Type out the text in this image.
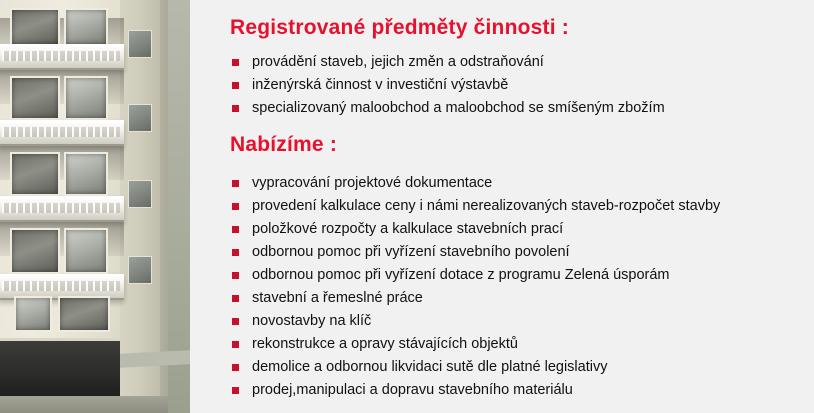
Registrované předměty činnosti :
provádění staveb, jejich změn a odstraňování
inženýrská činnost v investiční výstavbě
specializovaný maloobchod a maloobchod se smíšeným zbožím
Nabízíme :
vypracování projektové dokumentace
provedení kalkulace ceny i námi nerealizovaných staveb-rozpočet stavby
položkové rozpočty a kalkulace stavebních prací
odbornou pomoc při vyřízení stavebního povolení
odbornou pomoc při vyřízení dotace z programu Zelená úsporám
stavební a řemeslné práce
novostavby na klíč
rekonstrukce a opravy stávajících objektů
demolice a odbornou likvidaci sutě dle platné legislativy
prodej,manipulaci a dopravu stavebního materiálu
